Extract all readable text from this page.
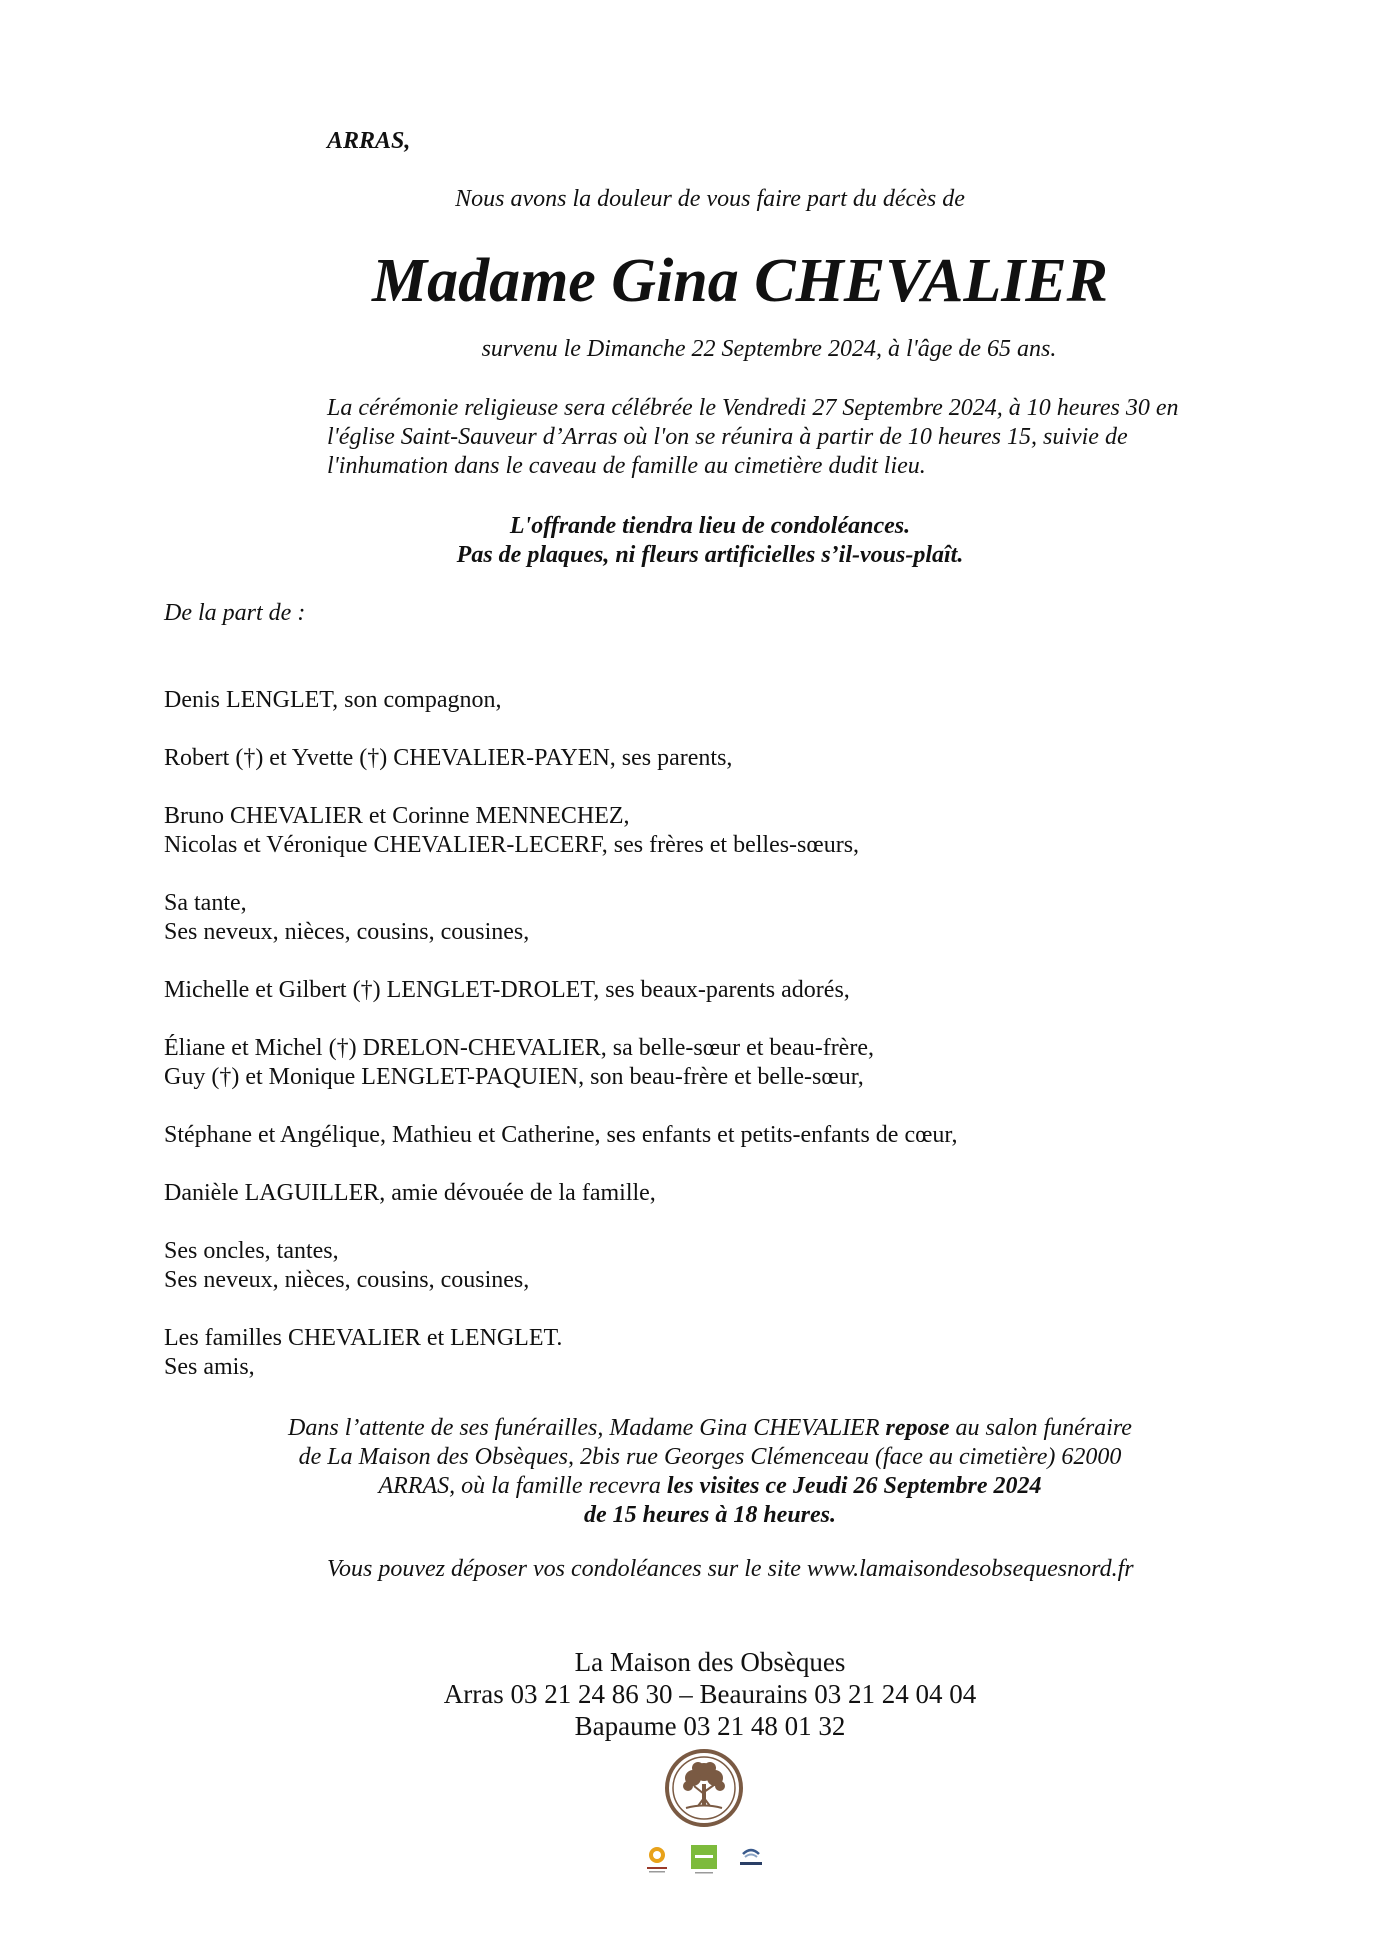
ARRAS,

Nous avons la douleur de vous faire part du décès de

Madame Gina CHEVALIER

survenu le Dimanche 22 Septembre 2024, à l'âge de 65 ans.

La cérémonie religieuse sera célébrée le Vendredi 27 Septembre 2024, à 10 heures 30 en
l'église Saint-Sauveur d’Arras où l'on se réunira à partir de 10 heures 15, suivie de
l'inhumation dans le caveau de famille au cimetière dudit lieu.
L'offrande tiendra lieu de condoléances.
Pas de plaques, ni fleurs artificielles s’il-vous-plaît.

De la part de :

Denis LENGLET, son compagnon,
Robert (†) et Yvette (†) CHEVALIER-PAYEN, ses parents,
Bruno CHEVALIER et Corinne MENNECHEZ,
Nicolas et Véronique CHEVALIER-LECERF, ses frères et belles-sœurs,
Sa tante,
Ses neveux, nièces, cousins, cousines,
Michelle et Gilbert (†) LENGLET-DROLET, ses beaux-parents adorés,
Éliane et Michel (†) DRELON-CHEVALIER, sa belle-sœur et beau-frère,
Guy (†) et Monique LENGLET-PAQUIEN, son beau-frère et belle-sœur,
Stéphane et Angélique, Mathieu et Catherine, ses enfants et petits-enfants de cœur,
Danièle LAGUILLER, amie dévouée de la famille,
Ses oncles, tantes,
Ses neveux, nièces, cousins, cousines,
Les familles CHEVALIER et LENGLET.
Ses amis,
Dans l’attente de ses funérailles, Madame Gina CHEVALIER repose au salon funéraire
de La Maison des Obsèques, 2bis rue Georges Clémenceau (face au cimetière) 62000
ARRAS, où la famille recevra les visites ce Jeudi 26 Septembre 2024
de 15 heures à 18 heures.

Vous pouvez déposer vos condoléances sur le site www.lamaisondesobsequesnord.fr

La Maison des Obsèques
Arras 03 21 24 86 30 – Beaurains 03 21 24 04 04
Bapaume 03 21 48 01 32
